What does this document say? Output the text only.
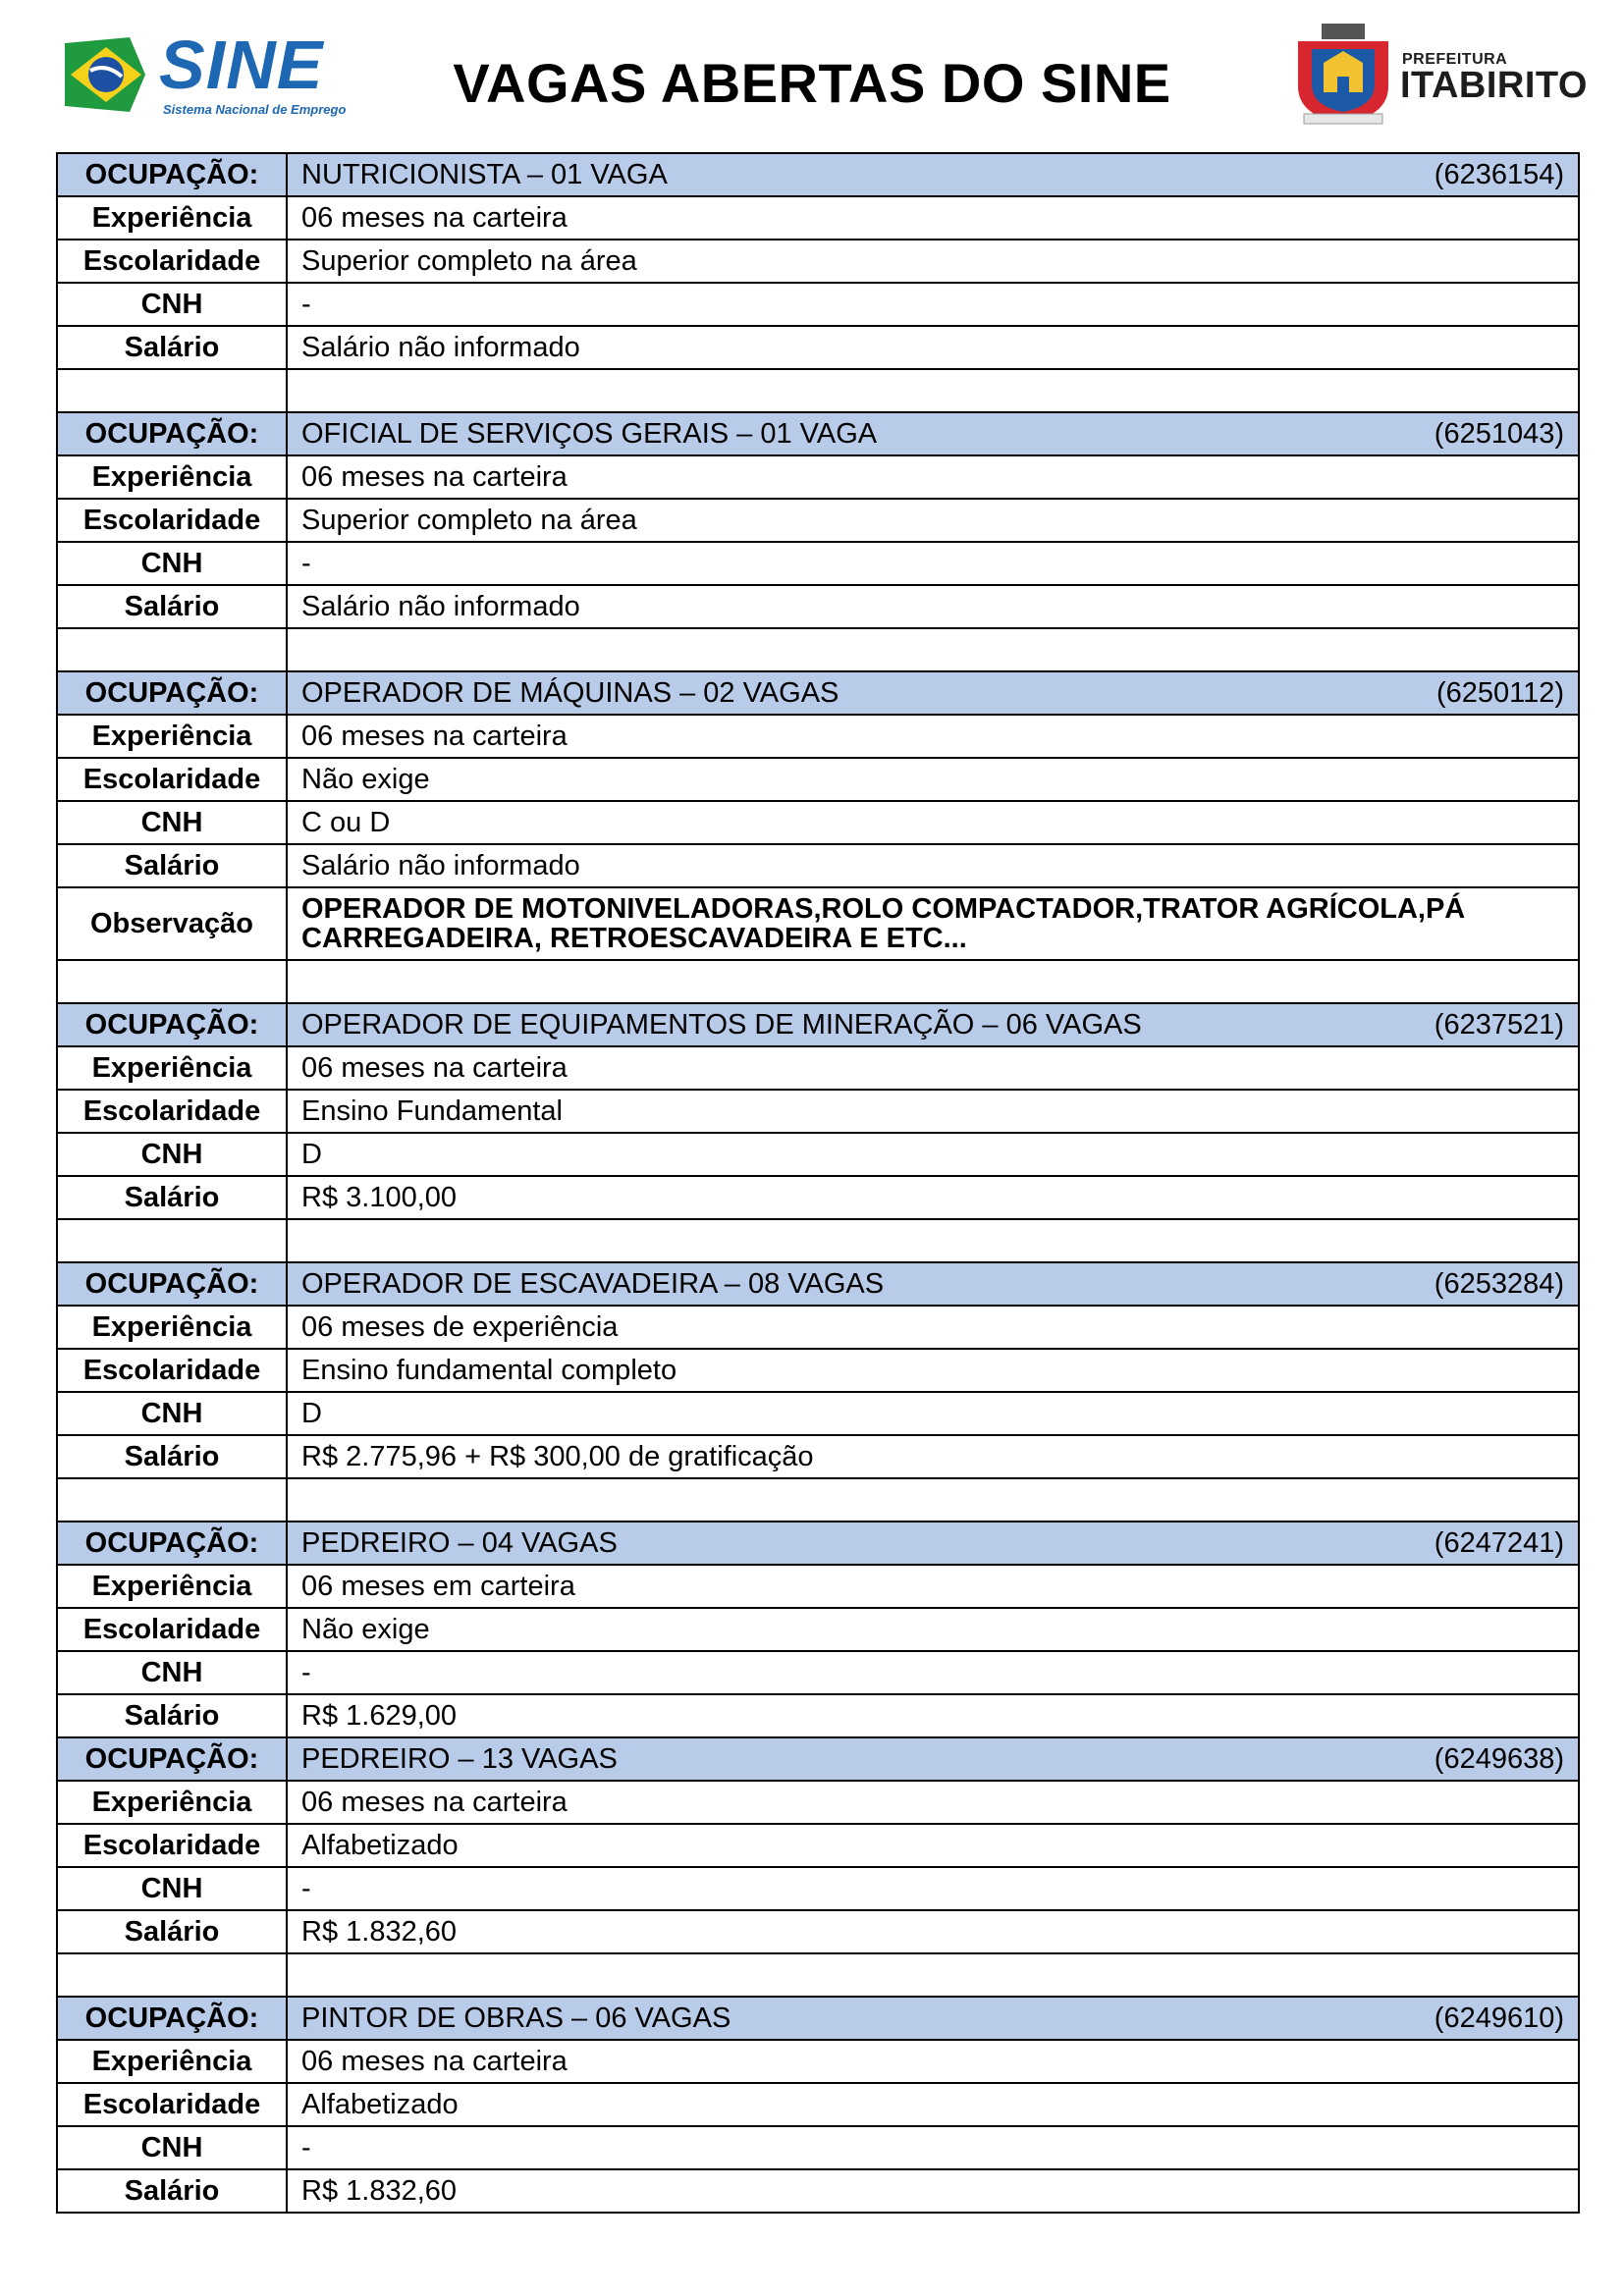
SINE
Sistema Nacional de Emprego	VAGAS ABERTAS DO SINE	PREFEITURA
ITABIRITO
OCUPAÇÃO:	NUTRICIONISTA – 01 VAGA (6236154)

Experiência	06 meses na carteira
Escolaridade	Superior completo na área
CNH	-
Salário	Salário não informado

OCUPAÇÃO:	OFICIAL DE SERVIÇOS GERAIS – 01 VAGA (6251043)

Experiência	06 meses na carteira
Escolaridade	Superior completo na área
CNH	-
Salário	Salário não informado

OCUPAÇÃO:	OPERADOR DE MÁQUINAS – 02 VAGAS (6250112)

Experiência	06 meses na carteira
Escolaridade	Não exige
CNH	C ou D
Salário	Salário não informado
Observação	OPERADOR DE MOTONIVELADORAS,ROLO COMPACTADOR,TRATOR AGRÍCOLA,PÁ CARREGADEIRA, RETROESCAVADEIRA E ETC...

OCUPAÇÃO:	OPERADOR DE EQUIPAMENTOS DE MINERAÇÃO – 06 VAGAS (6237521)

Experiência	06 meses na carteira
Escolaridade	Ensino Fundamental
CNH	D
Salário	R$ 3.100,00

OCUPAÇÃO:	OPERADOR DE ESCAVADEIRA – 08 VAGAS (6253284)

Experiência	06 meses de experiência
Escolaridade	Ensino fundamental completo
CNH	D
Salário	R$ 2.775,96 + R$ 300,00 de gratificação

OCUPAÇÃO:	PEDREIRO – 04 VAGAS (6247241)

Experiência	06 meses em carteira
Escolaridade	Não exige
CNH	-
Salário	R$ 1.629,00
OCUPAÇÃO:	PEDREIRO – 13 VAGAS (6249638)

Experiência	06 meses na carteira
Escolaridade	Alfabetizado
CNH	-
Salário	R$ 1.832,60

OCUPAÇÃO:	PINTOR DE OBRAS – 06 VAGAS (6249610)

Experiência	06 meses na carteira
Escolaridade	Alfabetizado
CNH	-
Salário	R$ 1.832,60
